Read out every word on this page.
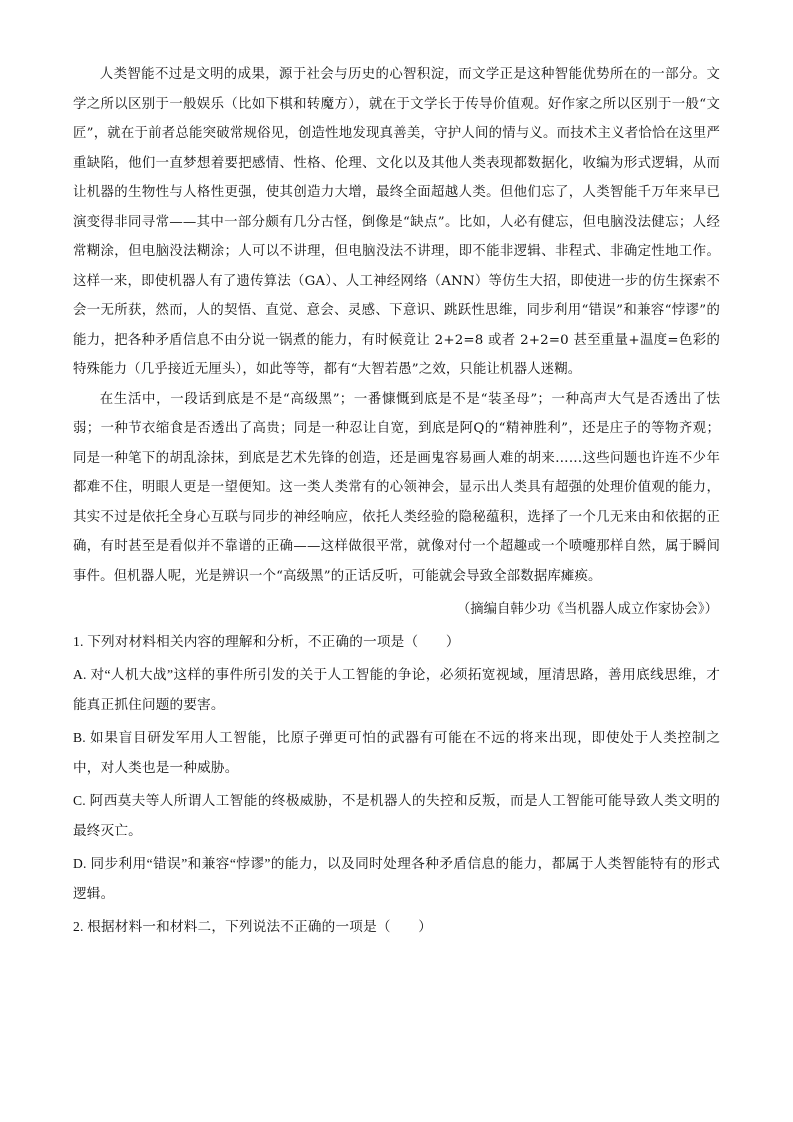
人类智能不过是文明的成果，源于社会与历史的心智积淀，而文学正是这种智能优势所在的一部分。文学之所以区别于一般娱乐（比如下棋和转魔方），就在于文学长于传导价值观。好作家之所以区别于一般“文匠”，就在于前者总能突破常规俗见，创造性地发现真善美，守护人间的情与义。而技术主义者恰恰在这里严重缺陷，他们一直梦想着要把感情、性格、伦理、文化以及其他人类表现都数据化，收编为形式逻辑，从而让机器的生物性与人格性更强，使其创造力大增，最终全面超越人类。但他们忘了，人类智能千万年来早已演变得非同寻常——其中一部分颇有几分古怪，倒像是“缺点”。比如，人必有健忘，但电脑没法健忘；人经常糊涂，但电脑没法糊涂；人可以不讲理，但电脑没法不讲理，即不能非逻辑、非程式、非确定性地工作。这样一来，即使机器人有了遗传算法（GA）、人工神经网络（ANN）等仿生大招，即使进一步的仿生探索不会一无所获，然而，人的契悟、直觉、意会、灵感、下意识、跳跃性思维，同步利用“错误”和兼容“悖谬”的能力，把各种矛盾信息不由分说一锅煮的能力，有时候竟让 2+2=8 或者 2+2=0 甚至重量+温度=色彩的特殊能力（几乎接近无厘头），如此等等，都有“大智若愚”之效，只能让机器人迷糊。

在生活中，一段话到底是不是“高级黑”；一番慷慨到底是不是“装圣母”；一种高声大气是否透出了怯弱；一种节衣缩食是否透出了高贵；同是一种忍让自宽，到底是阿Q的“精神胜利”，还是庄子的等物齐观；同是一种笔下的胡乱涂抹，到底是艺术先锋的创造，还是画鬼容易画人难的胡来……这些问题也许连不少年都难不住，明眼人更是一望便知。这一类人类常有的心领神会，显示出人类具有超强的处理价值观的能力，其实不过是依托全身心互联与同步的神经响应，依托人类经验的隐秘蕴积，选择了一个几无来由和依据的正确，有时甚至是看似并不靠谱的正确——这样做很平常，就像对付一个超趣或一个喷嚏那样自然，属于瞬间事件。但机器人呢，光是辨识一个“高级黑”的正话反听，可能就会导致全部数据库瘫痪。

（摘编自韩少功《当机器人成立作家协会》）

1. 下列对材料相关内容的理解和分析，不正确的一项是（　　）

A. 对“人机大战”这样的事件所引发的关于人工智能的争论，必须拓宽视域，厘清思路，善用底线思维，才能真正抓住问题的要害。

B. 如果盲目研发军用人工智能，比原子弹更可怕的武器有可能在不远的将来出现，即使处于人类控制之中，对人类也是一种威胁。

C. 阿西莫夫等人所谓人工智能的终极威胁，不是机器人的失控和反叛，而是人工智能可能导致人类文明的最终灭亡。

D. 同步利用“错误”和兼容“悖谬”的能力，以及同时处理各种矛盾信息的能力，都属于人类智能特有的形式逻辑。

2. 根据材料一和材料二，下列说法不正确的一项是（　　）
